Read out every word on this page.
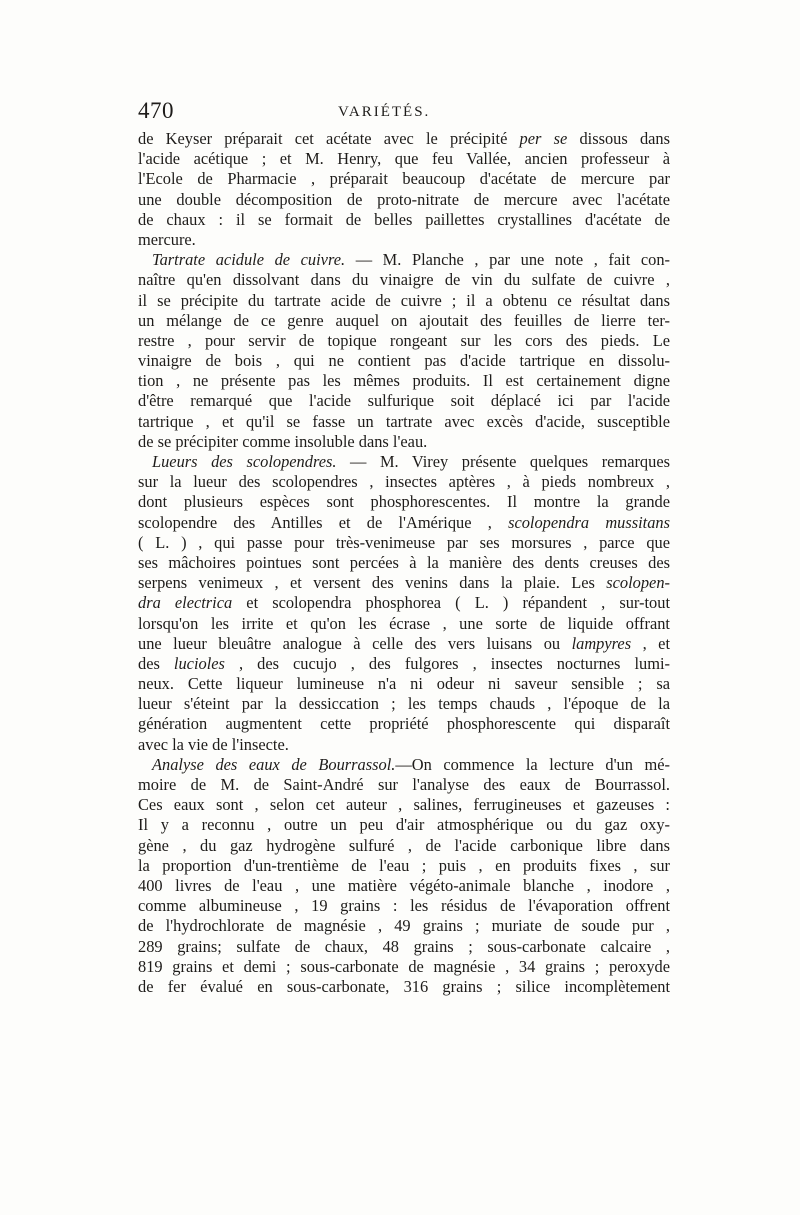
470	VARIÉTÉS.
de Keyser préparait cet acétate avec le précipité per se dissous dans
l'acide acétique ; et M. Henry, que feu Vallée, ancien professeur à
l'Ecole de Pharmacie , préparait beaucoup d'acétate de mercure par
une double décomposition de proto-nitrate de mercure avec l'acétate
de chaux : il se formait de belles paillettes crystallines d'acétate de
mercure.
Tartrate acidule de cuivre. — M. Planche , par une note , fait con-
naître qu'en dissolvant dans du vinaigre de vin du sulfate de cuivre ,
il se précipite du tartrate acide de cuivre ; il a obtenu ce résultat dans
un mélange de ce genre auquel on ajoutait des feuilles de lierre ter-
restre , pour servir de topique rongeant sur les cors des pieds. Le
vinaigre de bois , qui ne contient pas d'acide tartrique en dissolu-
tion , ne présente pas les mêmes produits. Il est certainement digne
d'être remarqué que l'acide sulfurique soit déplacé ici par l'acide
tartrique , et qu'il se fasse un tartrate avec excès d'acide, susceptible
de se précipiter comme insoluble dans l'eau.
Lueurs des scolopendres. — M. Virey présente quelques remarques
sur la lueur des scolopendres , insectes aptères , à pieds nombreux ,
dont plusieurs espèces sont phosphorescentes. Il montre la grande
scolopendre des Antilles et de l'Amérique , scolopendra mussitans
( L. ) , qui passe pour très-venimeuse par ses morsures , parce que
ses mâchoires pointues sont percées à la manière des dents creuses des
serpens venimeux , et versent des venins dans la plaie. Les scolopen-
dra electrica et scolopendra phosphorea ( L. ) répandent , sur-tout
lorsqu'on les irrite et qu'on les écrase , une sorte de liquide offrant
une lueur bleuâtre analogue à celle des vers luisans ou lampyres , et
des lucioles , des cucujo , des fulgores , insectes nocturnes lumi-
neux. Cette liqueur lumineuse n'a ni odeur ni saveur sensible ; sa
lueur s'éteint par la dessiccation ; les temps chauds , l'époque de la
génération augmentent cette propriété phosphorescente qui disparaît
avec la vie de l'insecte.
Analyse des eaux de Bourrassol.—On commence la lecture d'un mé-
moire de M. de Saint-André sur l'analyse des eaux de Bourrassol.
Ces eaux sont , selon cet auteur , salines, ferrugineuses et gazeuses :
Il y a reconnu , outre un peu d'air atmosphérique ou du gaz oxy-
gène , du gaz hydrogène sulfuré , de l'acide carbonique libre dans
la proportion d'un-trentième de l'eau ; puis , en produits fixes , sur
400 livres de l'eau , une matière végéto-animale blanche , inodore ,
comme albumineuse , 19 grains : les résidus de l'évaporation offrent
de l'hydrochlorate de magnésie , 49 grains ; muriate de soude pur ,
289 grains; sulfate de chaux, 48 grains ; sous-carbonate calcaire ,
819 grains et demi ; sous-carbonate de magnésie , 34 grains ; peroxyde
de fer évalué en sous-carbonate, 316 grains ; silice incomplètement
